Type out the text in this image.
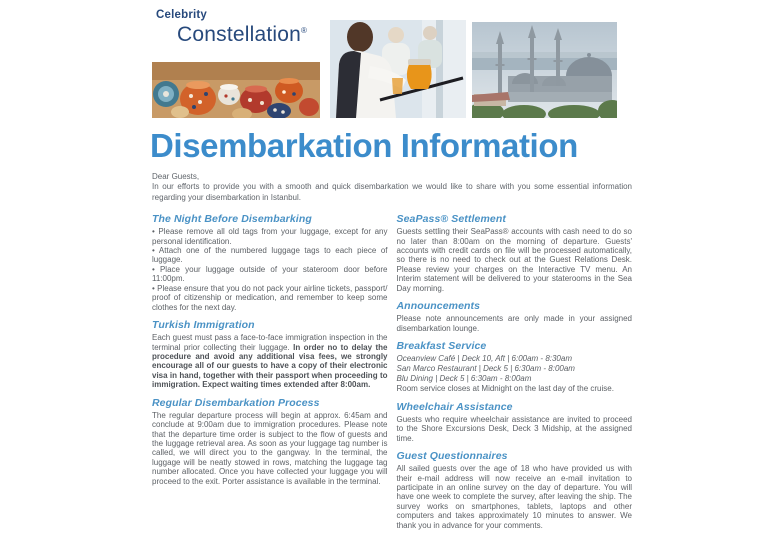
Celebrity
Constellation®
Disembarkation Information

Dear Guests,

In our efforts to provide you with a smooth and quick disembarkation we would like to share with you some essential information regarding your disembarkation in Istanbul.

The Night Before Disembarking
• Please remove all old tags from your luggage, except for any personal identification.
• Attach one of the numbered luggage tags to each piece of luggage.
• Place your luggage outside of your stateroom door before 11:00pm.
• Please ensure that you do not pack your airline tickets, passport/ proof of citizenship or medication, and remember to keep some clothes for the next day.
Turkish Immigration

Each guest must pass a face-to-face immigration inspection in the terminal prior collecting their luggage. In order no to delay the procedure and avoid any additional visa fees, we strongly encourage all of our guests to have a copy of their electronic visa in hand, together with their passport when proceeding to immigration. Expect waiting times extended after 8:00am.

Regular Disembarkation Process

The regular departure process will begin at approx. 6:45am and conclude at 9:00am due to immigration procedures. Please note that the departure time order is subject to the flow of guests and the luggage retrieval area. As soon as your luggage tag number is called, we will direct you to the gangway. In the terminal, the luggage will be neatly stowed in rows, matching the luggage tag number allocated. Once you have collected your luggage you will proceed to the exit. Porter assistance is available in the terminal.

SeaPass® Settlement

Guests settling their SeaPass® accounts with cash need to do so no later than 8:00am on the morning of departure. Guests' accounts with credit cards on file will be processed automatically, so there is no need to check out at the Guest Relations Desk. Please review your charges on the Interactive TV menu. An Interim statement will be delivered to your staterooms in the Sea Day morning.

Announcements

Please note announcements are only made in your assigned disembarkation lounge.

Breakfast Service

Oceanview Café | Deck 10, Aft | 6:00am - 8:30am

San Marco Restaurant | Deck 5 | 6:30am - 8:00am

Blu Dining | Deck 5 | 6:30am - 8:00am

Room service closes at Midnight on the last day of the cruise.

Wheelchair Assistance

Guests who require wheelchair assistance are invited to proceed to the Shore Excursions Desk, Deck 3 Midship, at the assigned time.

Guest Questionnaires

All sailed guests over the age of 18 who have provided us with their e-mail address will now receive an e-mail invitation to participate in an online survey on the day of departure. You will have one week to complete the survey, after leaving the ship. The survey works on smartphones, tablets, laptops and other computers and takes approximately 10 minutes to answer. We thank you in advance for your comments.
